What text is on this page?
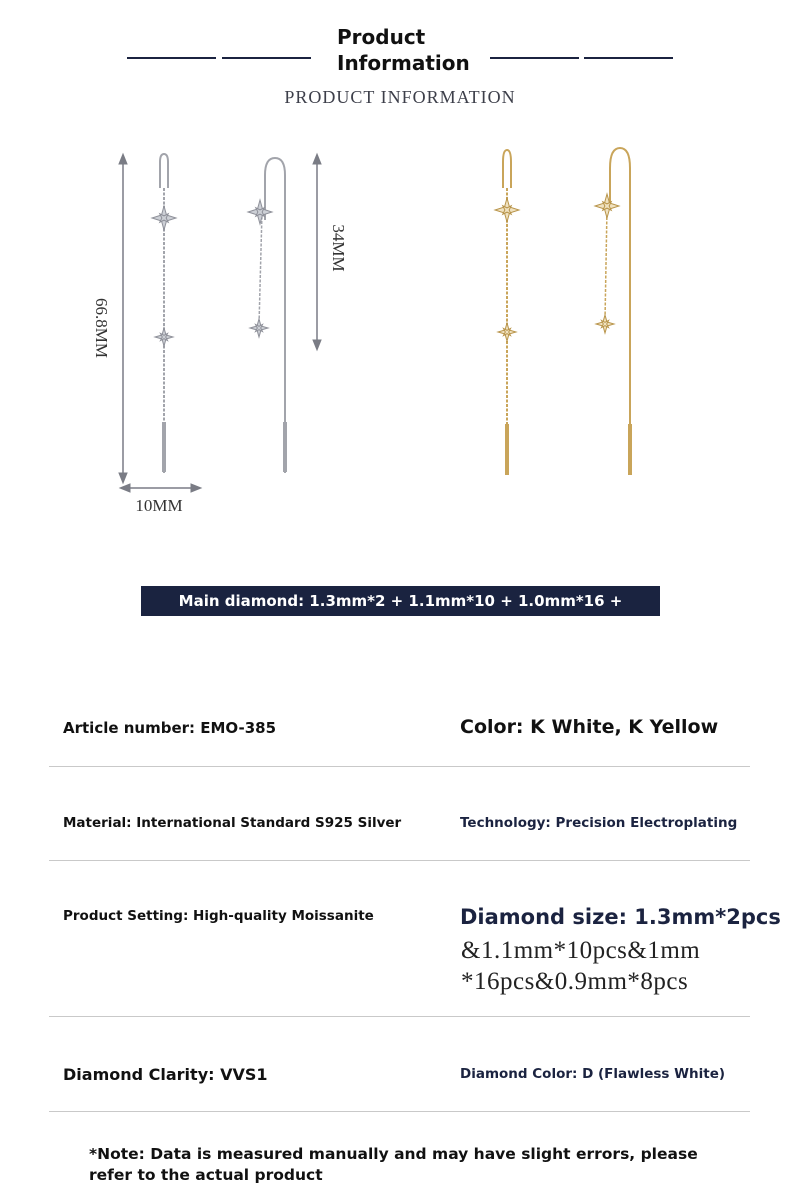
Product
Information
PRODUCT INFORMATION
66.8MM
34MM
10MM
Main diamond: 1.3mm*2 + 1.1mm*10 + 1.0mm*16 + 0.9mm*8
Article number: EMO-385	Color: K White, K Yellow
Material: International Standard S925 Silver	Technology: Precision Electroplating
Product Setting: High-quality Moissanite	Diamond size: 1.3mm*2pcs
&1.1mm*10pcs&1mm
*16pcs&0.9mm*8pcs
Diamond Clarity: VVS1	Diamond Color: D (Flawless White)
*Note: Data is measured manually and may have slight errors, please refer to the actual product
